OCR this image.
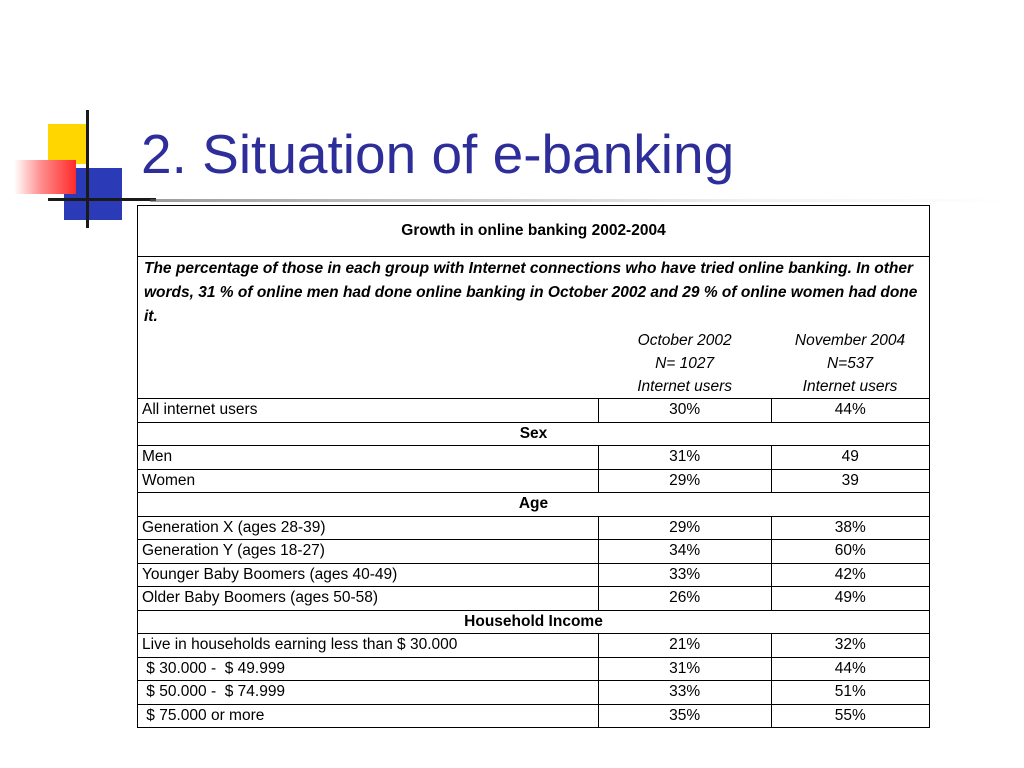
2. Situation of e-banking
Growth in online banking 2002-2004		
The percentage of those in each group with Internet connections who have tried online banking. In other words, 31 % of online men had done online banking in October 2002 and 29 % of online women had done it.		
	October 2002	November 2004
	N= 1027	N=537
	Internet users	Internet users
All internet users	30%	44%
Sex		
Men	31%	49
Women	29%	39
Age		
Generation X (ages 28-39)	29%	38%
Generation Y (ages 18-27)	34%	60%
Younger Baby Boomers (ages 40-49)	33%	42%
Older Baby Boomers (ages 50-58)	26%	49%
Household Income		
Live in households earning less than $ 30.000	21%	32%
$ 30.000 -  $ 49.999	31%	44%
$ 50.000 -  $ 74.999	33%	51%
$ 75.000 or more	35%	55%
